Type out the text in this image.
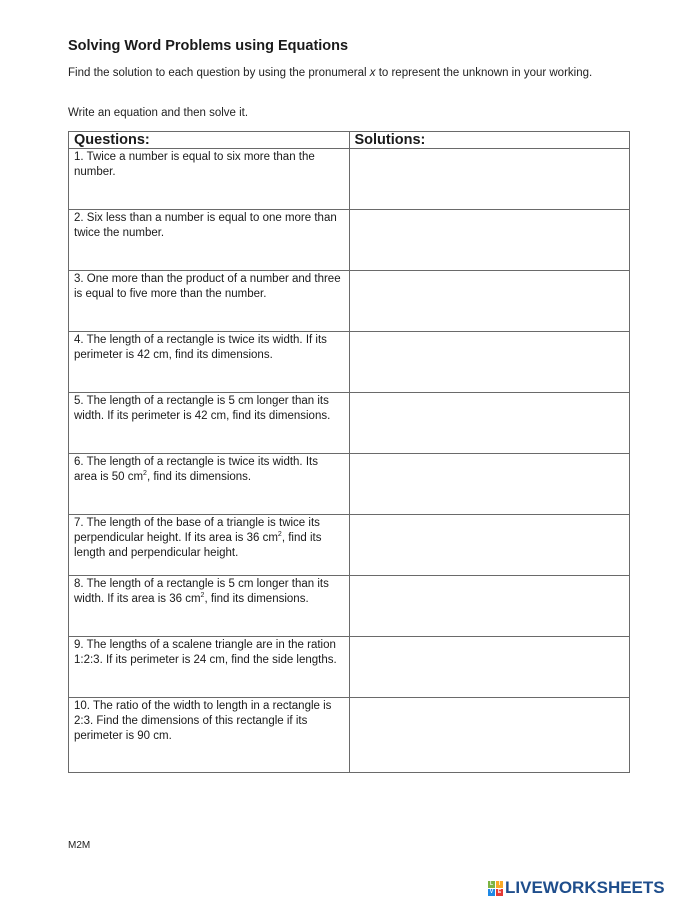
Solving Word Problems using Equations
Find the solution to each question by using the pronumeral x to represent the unknown in your working.
Write an equation and then solve it.
Questions:	Solutions:
1. Twice a number is equal to six more than the number.	
2. Six less than a number is equal to one more than twice the number.	
3. One more than the product of a number and three is equal to five more than the number.	
4. The length of a rectangle is twice its width. If its perimeter is 42 cm, find its dimensions.	
5. The length of a rectangle is 5 cm longer than its width. If its perimeter is 42 cm, find its dimensions.	
6. The length of a rectangle is twice its width. Its area is 50 $cm^2$, find its dimensions.	
7. The length of the base of a triangle is twice its perpendicular height. If its area is 36 $cm^2$, find its length and perpendicular height.	
8. The length of a rectangle is 5 cm longer than its width. If its area is 36 $cm^2$, find its dimensions.	
9. The lengths of a scalene triangle are in the ration 1:2:3. If its perimeter is 24 cm, find the side lengths.	
10. The ratio of the width to length in a rectangle is 2:3. Find the dimensions of this rectangle if its perimeter is 90 cm.	
M2M
L	I
V E LIVEWORKSHEETS
